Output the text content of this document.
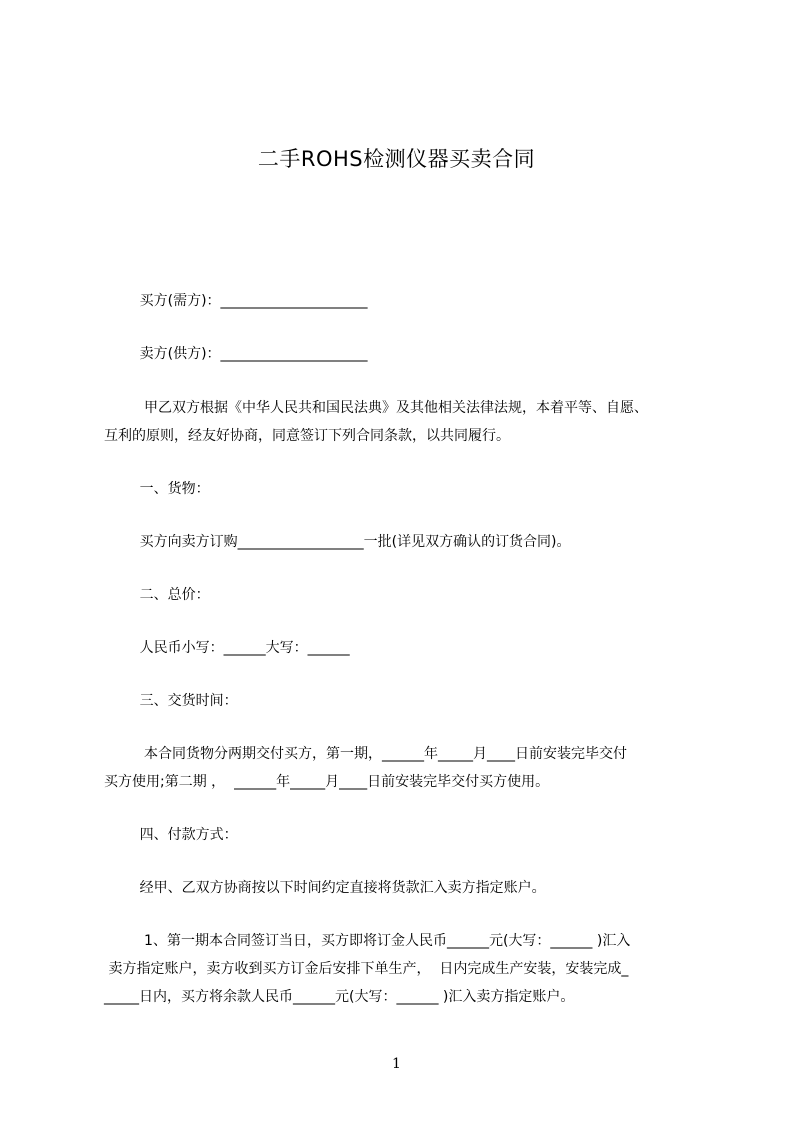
二手ROHS检测仪器买卖合同
买方(需方)：_____________________
卖方(供方)：_____________________
甲乙双方根据《中华人民共和国民法典》及其他相关法律法规，本着平等、自愿、
互利的原则，经友好协商，同意签订下列合同条款，以共同履行。
一、货物：
买方向卖方订购__________________一批(详见双方确认的订货合同)。
二、总价：
人民币小写：______大写：______
三、交货时间：
本合同货物分两期交付买方，第一期，______年_____月____日前安装完毕交付
买方使用;第二期 ，  ______年_____月____日前安装完毕交付买方使用。
四、付款方式：
经甲、乙双方协商按以下时间约定直接将货款汇入卖方指定账户。
1、第一期本合同签订当日，买方即将订金人民币______元(大写：______ )汇入
卖方指定账户，卖方收到买方订金后安排下单生产，  日内完成生产安装，安装完成_
_____日内，买方将余款人民币______元(大写：______ )汇入卖方指定账户。
1
